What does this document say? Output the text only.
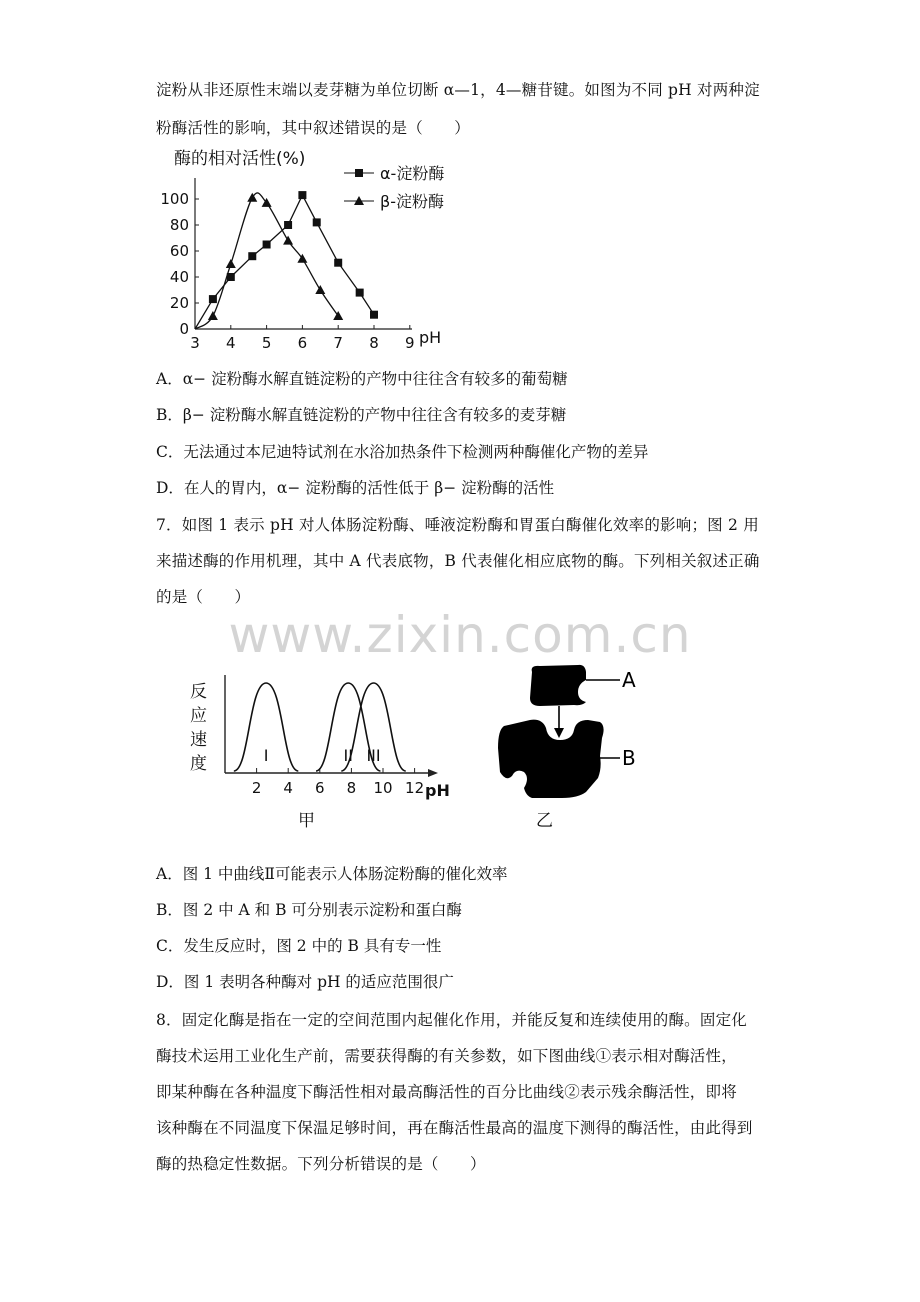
淀粉从非还原性末端以麦芽糖为单位切断 α—1，4—糖苷键。如图为不同 pH 对两种淀
粉酶活性的影响，其中叙述错误的是（　　）
酶的相对活性(%)
0
20
40
60
80
100
3 4 5 6 7 8 9 pH
α-淀粉酶
β-淀粉酶
A．α− 淀粉酶水解直链淀粉的产物中往往含有较多的葡萄糖
B．β− 淀粉酶水解直链淀粉的产物中往往含有较多的麦芽糖
C．无法通过本尼迪特试剂在水浴加热条件下检测两种酶催化产物的差异
D．在人的胃内，α− 淀粉酶的活性低于 β− 淀粉酶的活性
7．如图 1 表示 pH 对人体肠淀粉酶、唾液淀粉酶和胃蛋白酶催化效率的影响；图 2 用
来描述酶的作用机理，其中 A 代表底物，B 代表催化相应底物的酶。下列相关叙述正确
的是（　　）
www.zixin.com.cn
反 应 速 度
2 4 6 8 10 12 pH
I	II III
甲
A
B
乙
A．图 1 中曲线Ⅱ可能表示人体肠淀粉酶的催化效率
B．图 2 中 A 和 B 可分别表示淀粉和蛋白酶
C．发生反应时，图 2 中的 B 具有专一性
D．图 1 表明各种酶对 pH 的适应范围很广
8．固定化酶是指在一定的空间范围内起催化作用，并能反复和连续使用的酶。固定化
酶技术运用工业化生产前，需要获得酶的有关参数，如下图曲线①表示相对酶活性，
即某种酶在各种温度下酶活性相对最高酶活性的百分比曲线②表示残余酶活性，即将
该种酶在不同温度下保温足够时间，再在酶活性最高的温度下测得的酶活性，由此得到
酶的热稳定性数据。下列分析错误的是（　　）
